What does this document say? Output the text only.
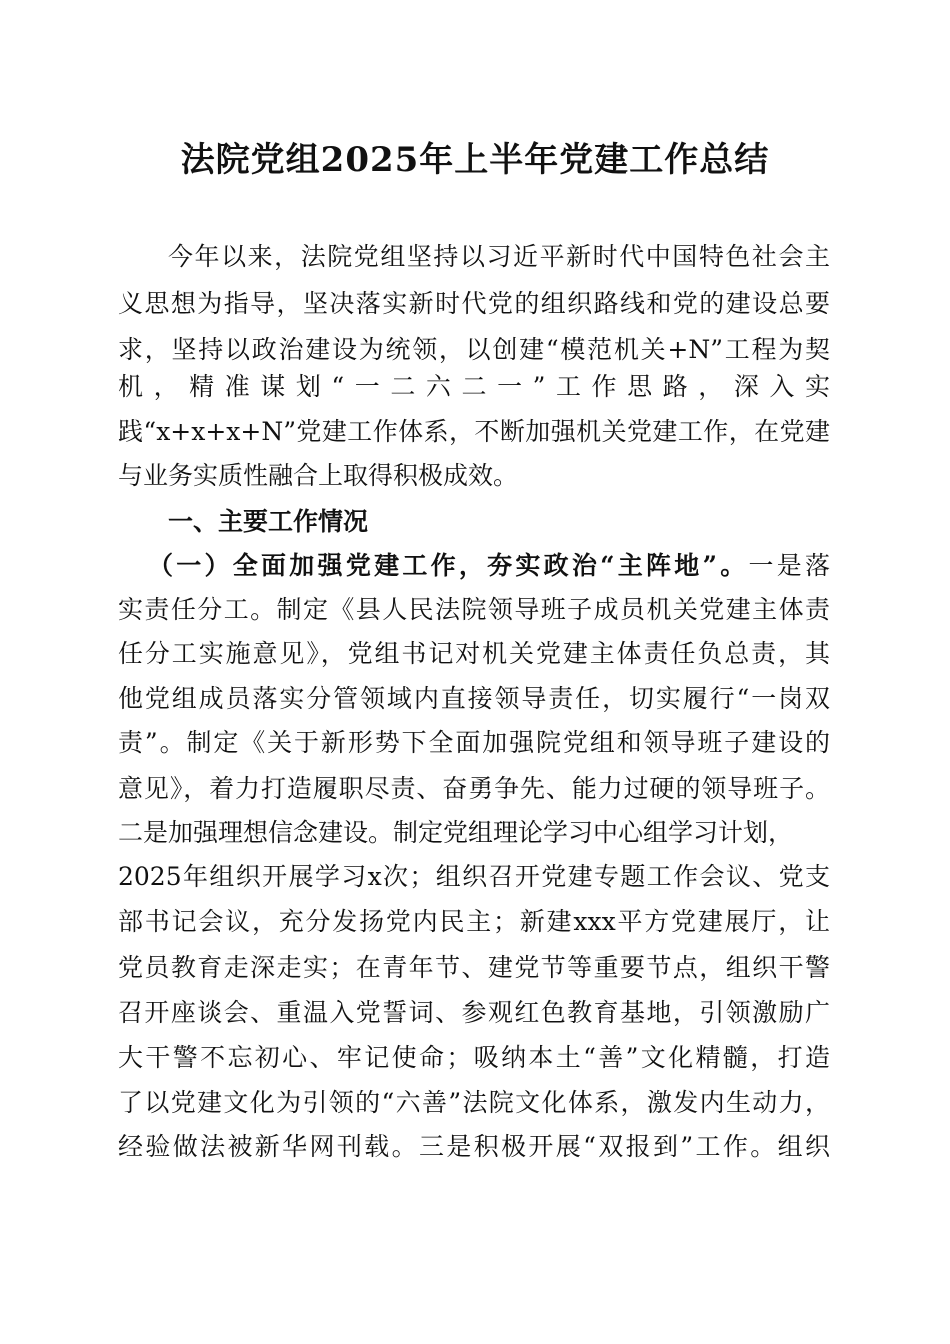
法院党组2025年上半年党建工作总结

今年以来，法院党组坚持以习近平新时代中国特色社会主

义思想为指导，坚决落实新时代党的组织路线和党的建设总要

求，坚持以政治建设为统领，以创建“模范机关+N”工程为契

机，精准谋划“一二六二一”工作思路，深入实

践“x+x+x+N”党建工作体系，不断加强机关党建工作，在党建

与业务实质性融合上取得积极成效。

一、主要工作情况

（一）全面加强党建工作，夯实政治“主阵地”。一是落

实责任分工。制定《县人民法院领导班子成员机关党建主体责

任分工实施意见》，党组书记对机关党建主体责任负总责，其

他党组成员落实分管领域内直接领导责任，切实履行“一岗双

责”。制定《关于新形势下全面加强院党组和领导班子建设的

意见》，着力打造履职尽责、奋勇争先、能力过硬的领导班子。

二是加强理想信念建设。制定党组理论学习中心组学习计划，

2025年组织开展学习x次；组织召开党建专题工作会议、党支

部书记会议，充分发扬党内民主；新建xxx平方党建展厅，让

党员教育走深走实；在青年节、建党节等重要节点，组织干警

召开座谈会、重温入党誓词、参观红色教育基地，引领激励广

大干警不忘初心、牢记使命；吸纳本土“善”文化精髓，打造

了以党建文化为引领的“六善”法院文化体系，激发内生动力，

经验做法被新华网刊载。三是积极开展“双报到”工作。组织
